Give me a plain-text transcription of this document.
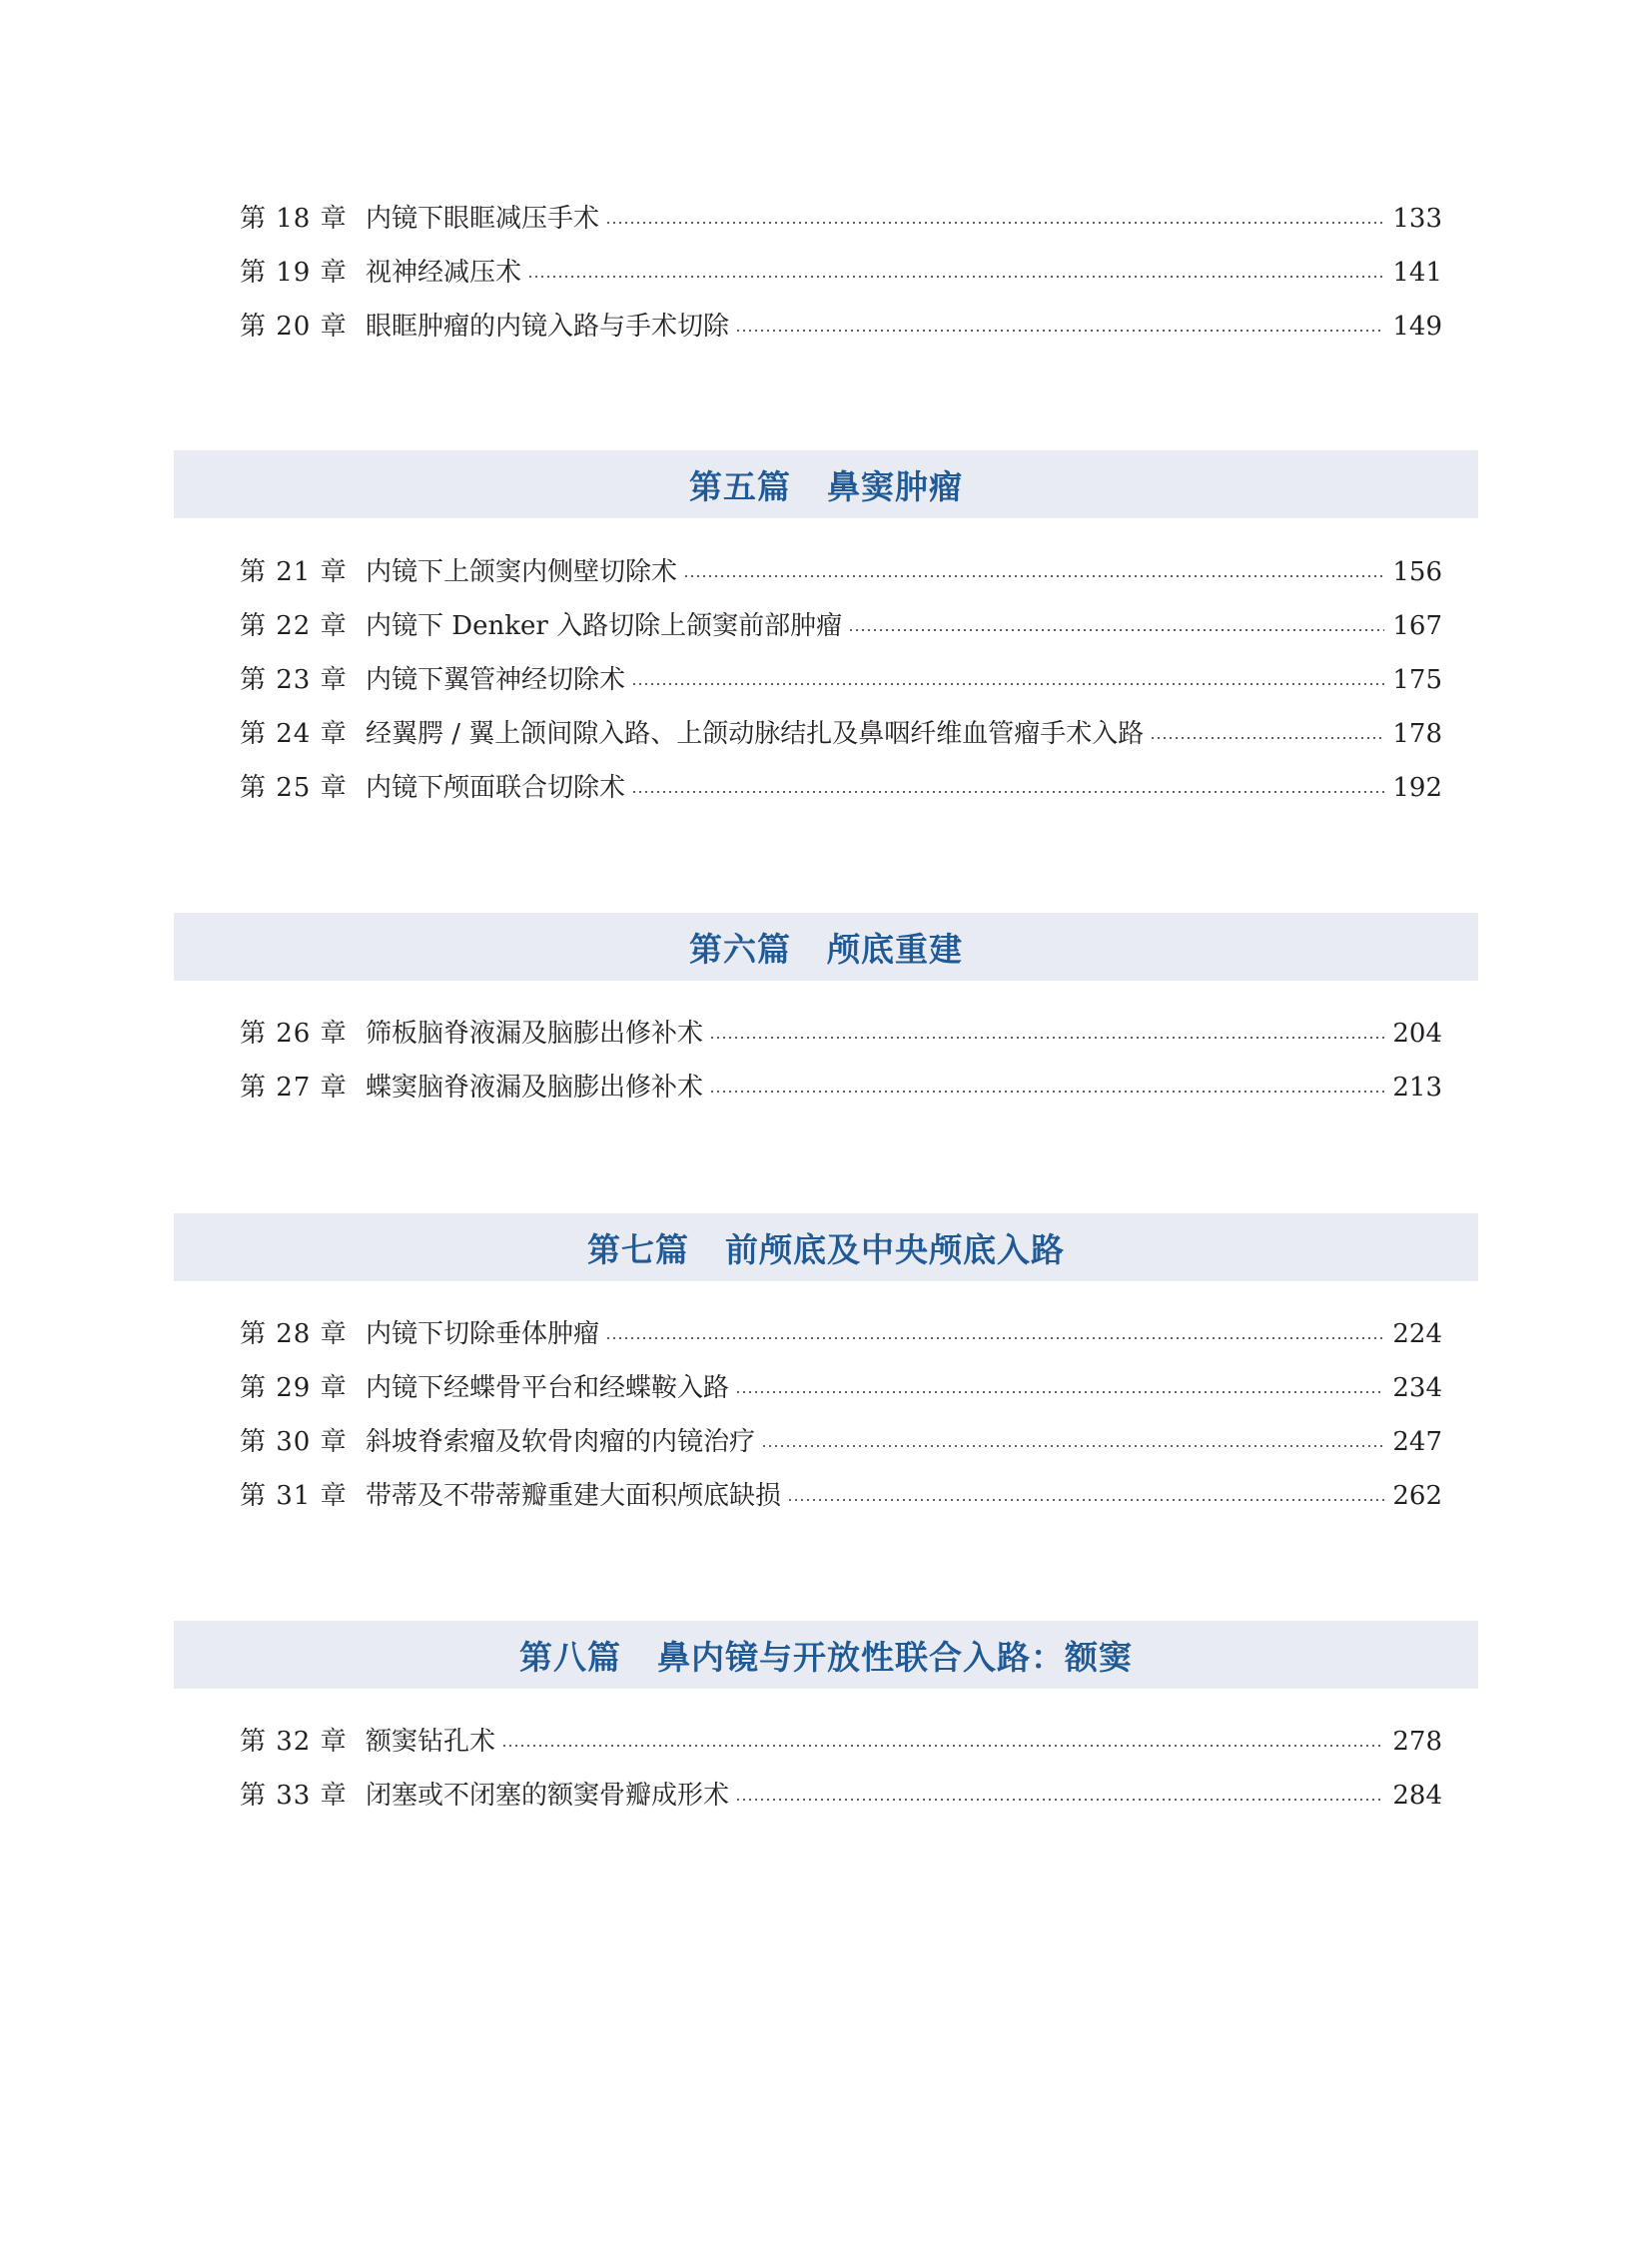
第 18 章 内镜下眼眶减压手术	133
第 19 章 视神经减压术	141
第 20 章 眼眶肿瘤的内镜入路与手术切除	149
第五篇 鼻窦肿瘤
第 21 章 内镜下上颌窦内侧壁切除术	156
第 22 章 内镜下 Denker 入路切除上颌窦前部肿瘤	167
第 23 章 内镜下翼管神经切除术	175
第 24 章 经翼腭 / 翼上颌间隙入路、上颌动脉结扎及鼻咽纤维血管瘤手术入路	178
第 25 章 内镜下颅面联合切除术	192
第六篇 颅底重建
第 26 章 筛板脑脊液漏及脑膨出修补术	204
第 27 章 蝶窦脑脊液漏及脑膨出修补术	213
第七篇 前颅底及中央颅底入路
第 28 章 内镜下切除垂体肿瘤	224
第 29 章 内镜下经蝶骨平台和经蝶鞍入路	234
第 30 章 斜坡脊索瘤及软骨肉瘤的内镜治疗	247
第 31 章 带蒂及不带蒂瓣重建大面积颅底缺损	262
第八篇 鼻内镜与开放性联合入路：额窦
第 32 章 额窦钻孔术	278
第 33 章 闭塞或不闭塞的额窦骨瓣成形术	284
